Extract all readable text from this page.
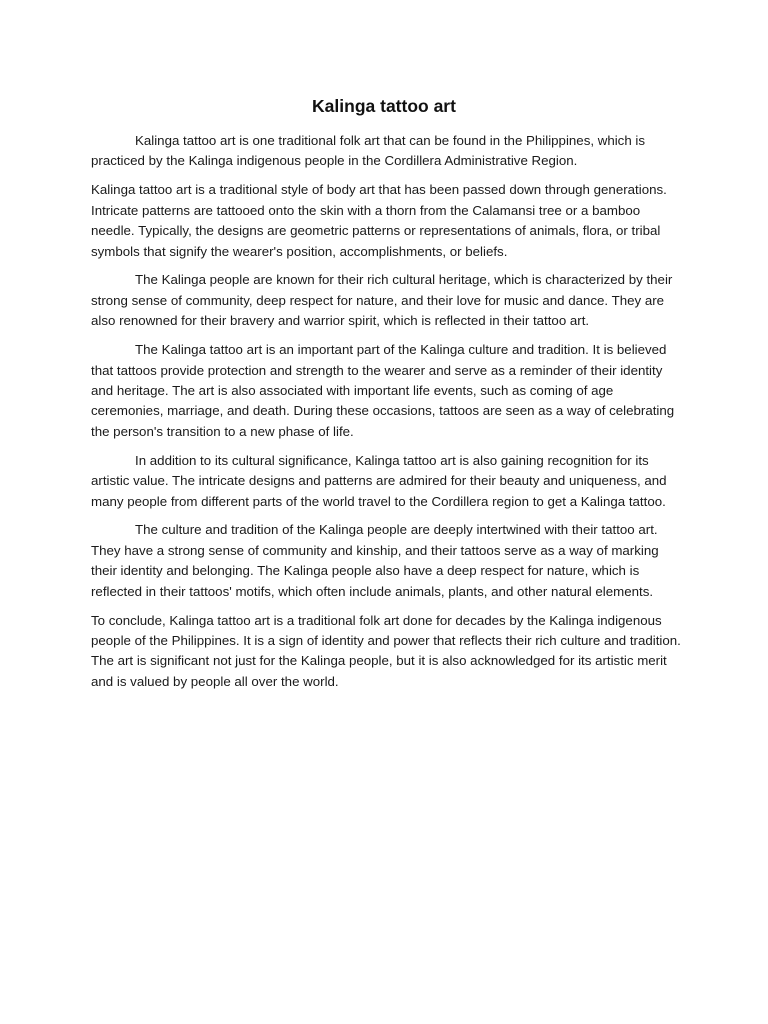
Kalinga tattoo art

Kalinga tattoo art is one traditional folk art that can be found in the Philippines, which is practiced by the Kalinga indigenous people in the Cordillera Administrative Region.

Kalinga tattoo art is a traditional style of body art that has been passed down through generations. Intricate patterns are tattooed onto the skin with a thorn from the Calamansi tree or a bamboo needle. Typically, the designs are geometric patterns or representations of animals, flora, or tribal symbols that signify the wearer's position, accomplishments, or beliefs.

The Kalinga people are known for their rich cultural heritage, which is characterized by their strong sense of community, deep respect for nature, and their love for music and dance. They are also renowned for their bravery and warrior spirit, which is reflected in their tattoo art.

The Kalinga tattoo art is an important part of the Kalinga culture and tradition. It is believed that tattoos provide protection and strength to the wearer and serve as a reminder of their identity and heritage. The art is also associated with important life events, such as coming of age ceremonies, marriage, and death. During these occasions, tattoos are seen as a way of celebrating the person's transition to a new phase of life.

In addition to its cultural significance, Kalinga tattoo art is also gaining recognition for its artistic value. The intricate designs and patterns are admired for their beauty and uniqueness, and many people from different parts of the world travel to the Cordillera region to get a Kalinga tattoo.

The culture and tradition of the Kalinga people are deeply intertwined with their tattoo art. They have a strong sense of community and kinship, and their tattoos serve as a way of marking their identity and belonging. The Kalinga people also have a deep respect for nature, which is reflected in their tattoos' motifs, which often include animals, plants, and other natural elements.

To conclude, Kalinga tattoo art is a traditional folk art done for decades by the Kalinga indigenous people of the Philippines. It is a sign of identity and power that reflects their rich culture and tradition. The art is significant not just for the Kalinga people, but it is also acknowledged for its artistic merit and is valued by people all over the world.
